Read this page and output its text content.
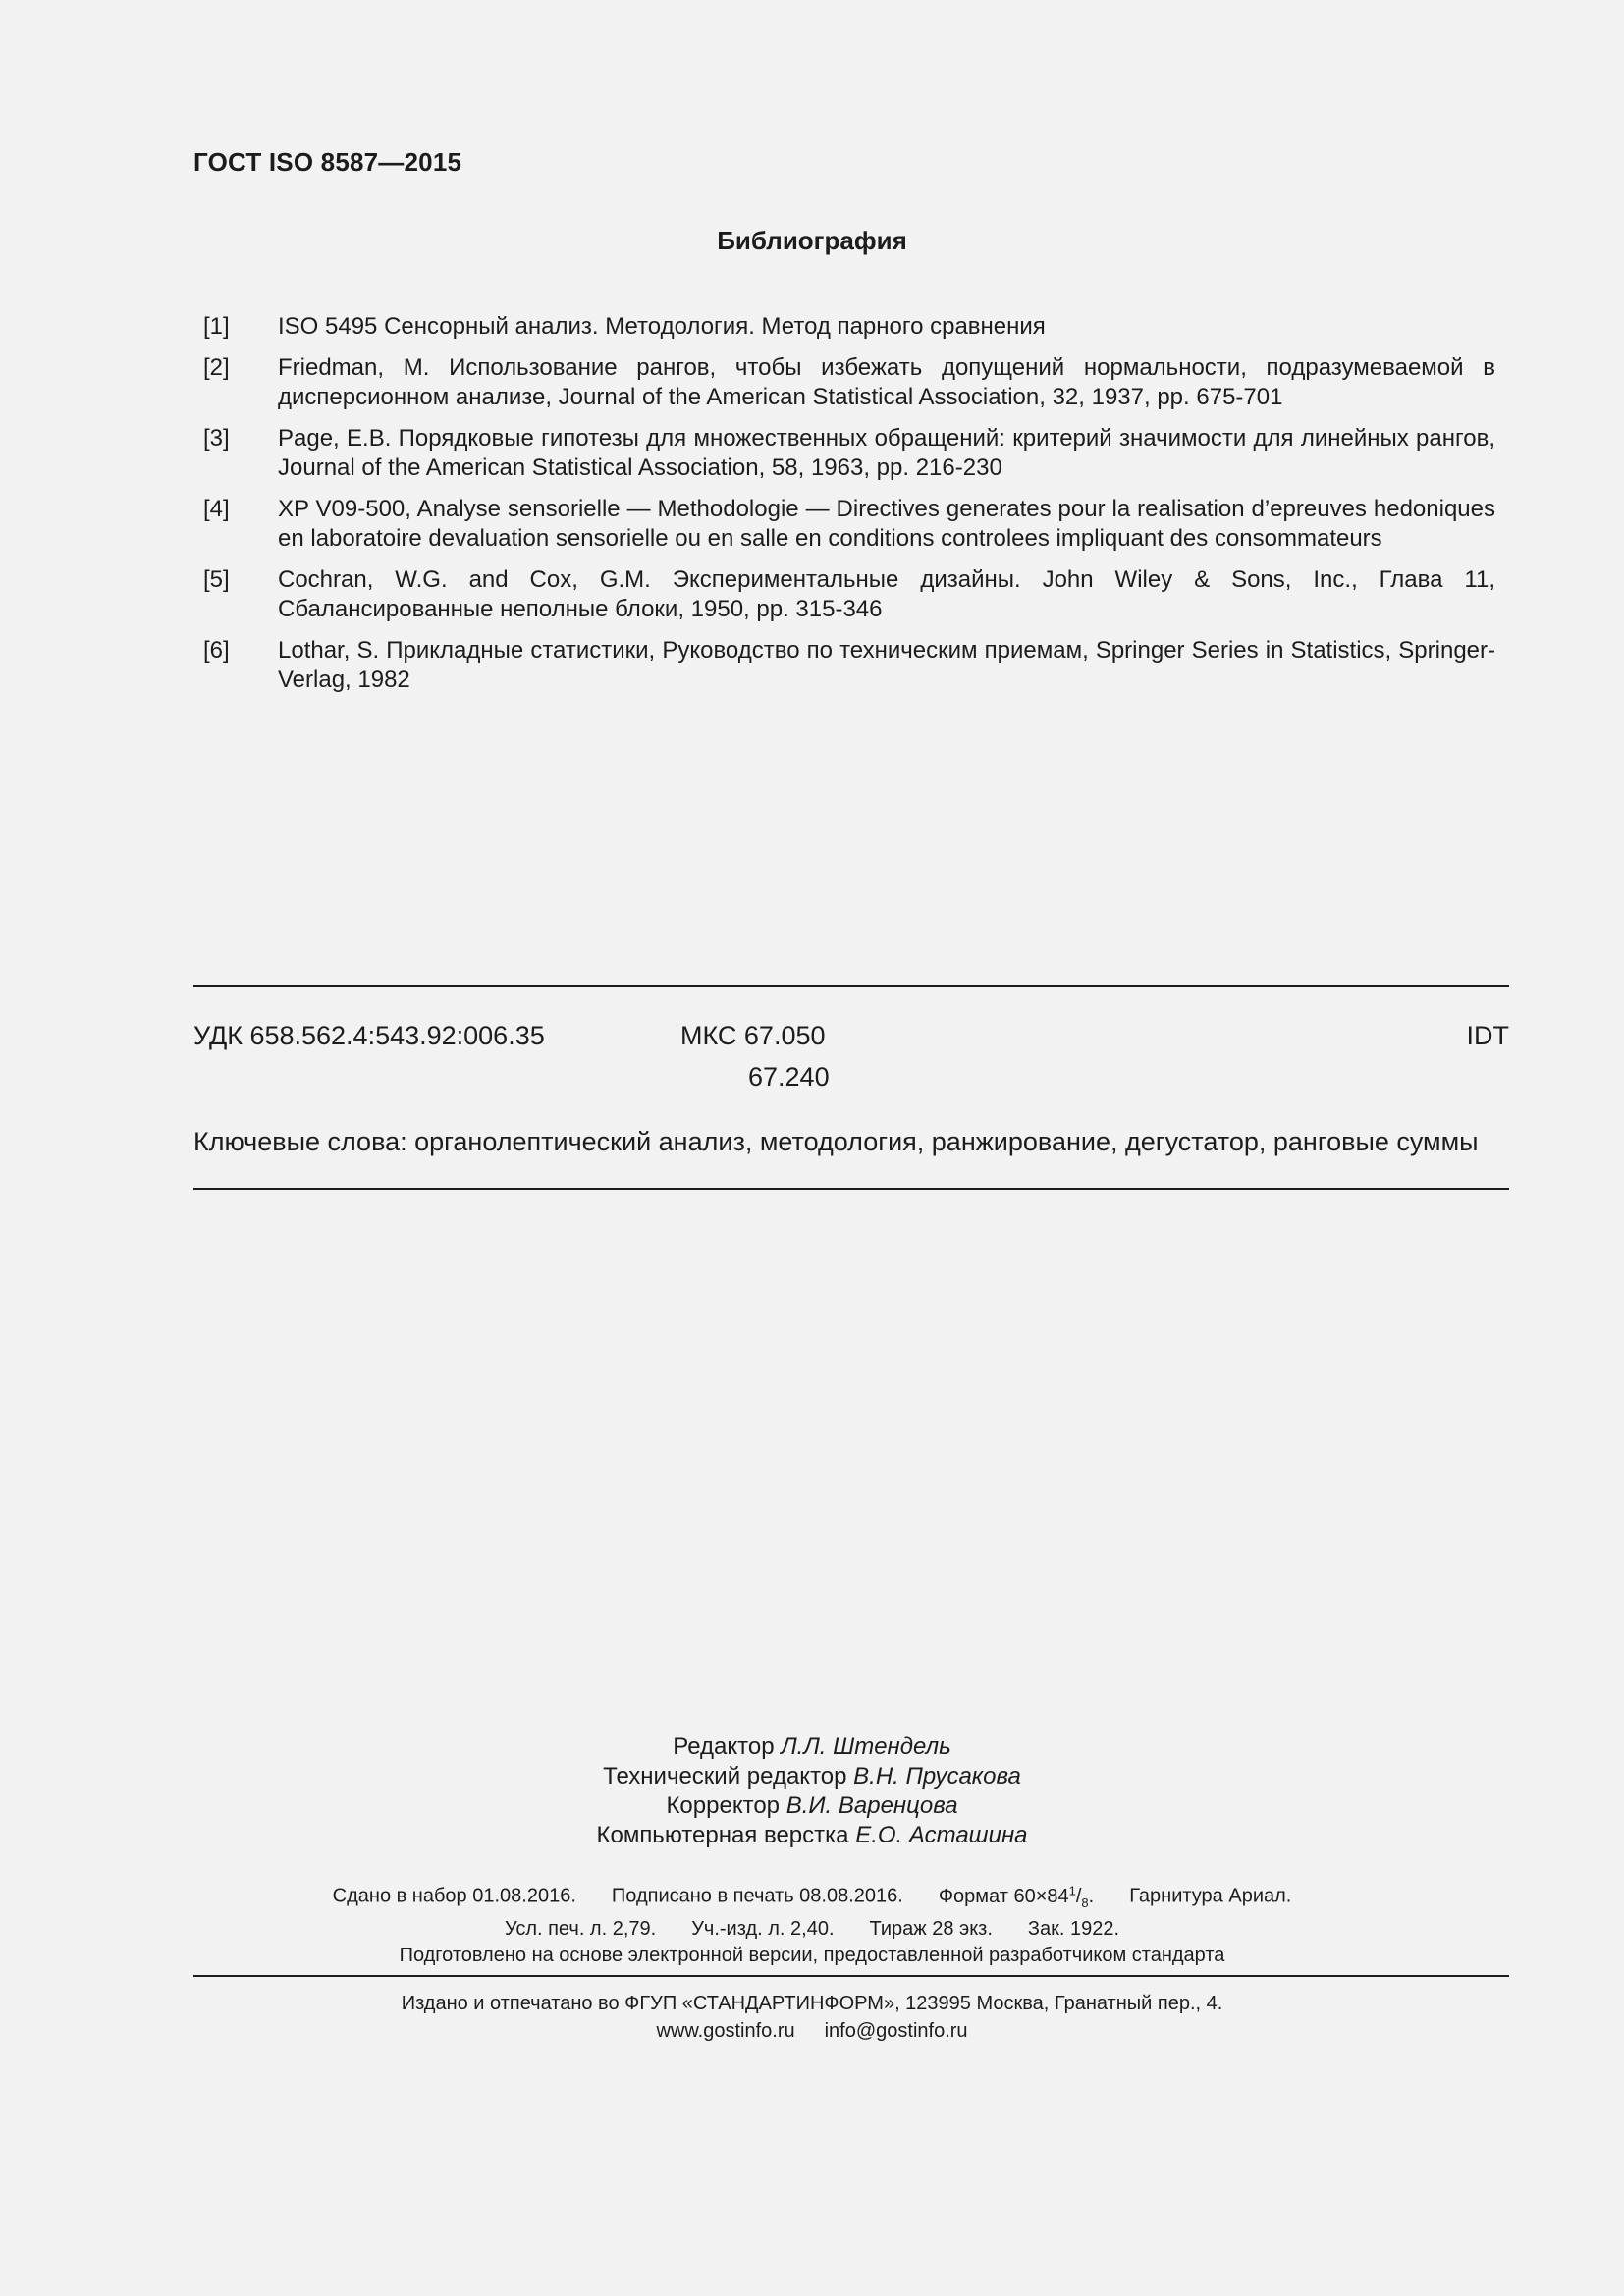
ГОСТ ISO 8587—2015
Библиография
[1]	ISO 5495 Сенсорный анализ. Методология. Метод парного сравнения
[2]	Friedman, M. Использование рангов, чтобы избежать допущений нормальности, подразумеваемой в дисперсионном анализе, Journal of the American Statistical Association, 32, 1937, pp. 675-701
[3]	Page, E.B. Порядковые гипотезы для множественных обращений: критерий значимости для линейных рангов, Journal of the American Statistical Association, 58, 1963, pp. 216-230
[4]	XP V09-500, Analyse sensorielle — Methodologie — Directives generates pour la realisation d’epreuves hedoniques en laboratoire devaluation sensorielle ou en salle en conditions controlees impliquant des consommateurs
[5]	Cochran, W.G. and Cox, G.M. Экспериментальные дизайны. John Wiley & Sons, Inc., Глава 11, Сбалансированные неполные блоки, 1950, pp. 315-346
[6]	Lothar, S. Прикладные статистики, Руководство по техническим приемам, Springer Series in Statistics, Springer-Verlag, 1982
УДК 658.562.4:543.92:006.35	МКС 67.050
67.240
IDT
Ключевые слова: органолептический анализ, методология, ранжирование, дегустатор, ранговые суммы
Редактор Л.Л. Штендель
Технический редактор В.Н. Прусакова
Корректор В.И. Варенцова
Компьютерная верстка Е.О. Асташина
Сдано в набор 01.08.2016. Подписано в печать 08.08.2016. Формат $60\times 84^1/_8$. Гарнитура Ариал.
Усл. печ. л. 2,79. Уч.-изд. л. 2,40. Тираж 28 экз. Зак. 1922.
Подготовлено на основе электронной версии, предоставленной разработчиком стандарта
Издано и отпечатано во ФГУП «СТАНДАРТИНФОРМ», 123995 Москва, Гранатный пер., 4.
www.gostinfo.ru info@gostinfo.ru
